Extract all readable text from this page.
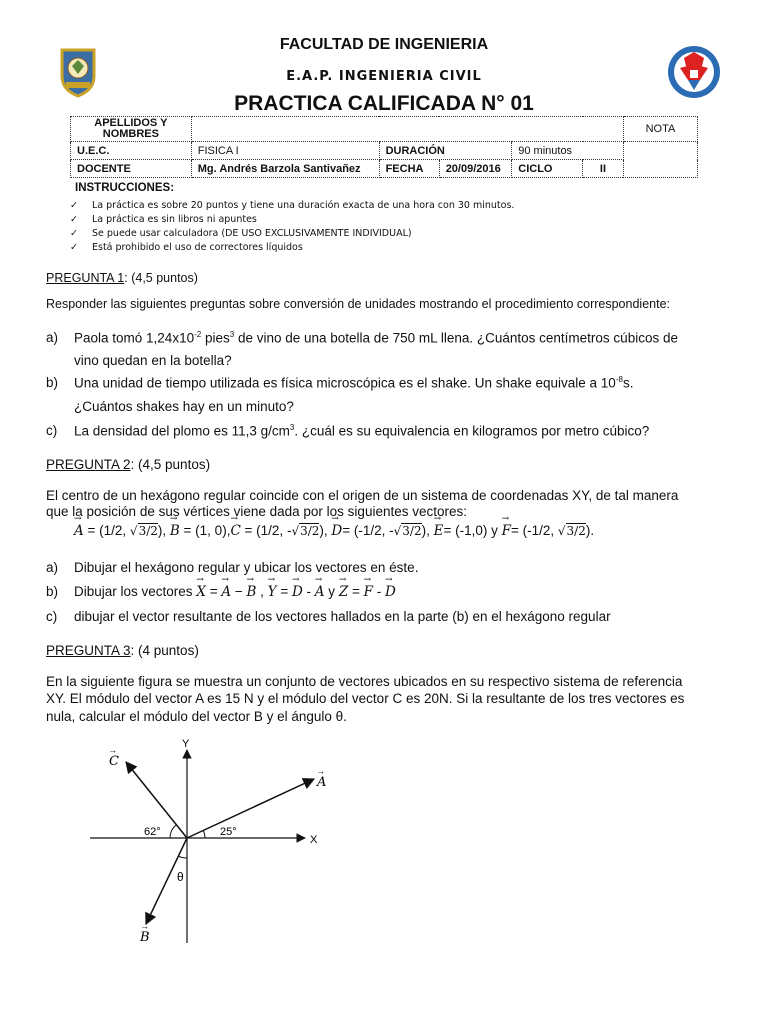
FACULTAD DE INGENIERIA
E.A.P. INGENIERIA CIVIL
PRACTICA CALIFICADA N° 01
APELLIDOS Y NOMBRES						NOTA
U.E.C.	FISICA I	DURACIÓN		90 minutos		
DOCENTE	Mg. Andrés Barzola Santivañez	FECHA	20/09/2016	CICLO	II	
INSTRUCCIONES:
✓ La práctica es sobre 20 puntos y tiene una duración exacta de una hora con 30 minutos.
✓ La práctica es sin libros ni apuntes
✓ Se puede usar calculadora (DE USO EXCLUSIVAMENTE INDIVIDUAL)
✓ Está prohibido el uso de correctores líquidos
PREGUNTA 1: (4,5 puntos)
Responder las siguientes preguntas sobre conversión de unidades mostrando el procedimiento correspondiente:
a)	Paola tomó $1,24x10^{-2}$ pies$^3$ de vino de una botella de 750 mL llena. ¿Cuántos centímetros cúbicos de
vino quedan en la botella?
b)	Una unidad de tiempo utilizada es física microscópica es el shake. Un shake equivale a $10^{-8}s$.
¿Cuántos shakes hay en un minuto?
c)	La densidad del plomo es 11,3 $g/cm^3$. ¿cuál es su equivalencia en kilogramos por metro cúbico?
PREGUNTA 2: (4,5 puntos)
El centro de un hexágono regular coincide con el origen de un sistema de coordenadas XY, de tal manera
que la posición de sus vértices viene dada por los siguientes vectores:
→ A = (1/2, √3/2), → B = (1, 0),→ C = (1/2, -√3/2), → D= (-1/2, -√3/2), → E= (-1,0) y → F= (-1/2, √3/2).
a)	Dibujar el hexágono regular y ubicar los vectores en éste.
b)	Dibujar los vectores → X = → A − → B , → Y = → D - → A y → Z = → F - → D
c)	dibujar el vector resultante de los vectores hallados en la parte (b) en el hexágono regular
PREGUNTA 3: (4 puntos)
En la siguiente figura se muestra un conjunto de vectores ubicados en su respectivo sistema de referencia
XY. El módulo del vector A es 15 N y el módulo del vector C es 20N. Si la resultante de los tres vectores es
nula, calcular el módulo del vector B y el ángulo θ.
Y
X
A
→
C
→
B
→
62°	25°
θ
